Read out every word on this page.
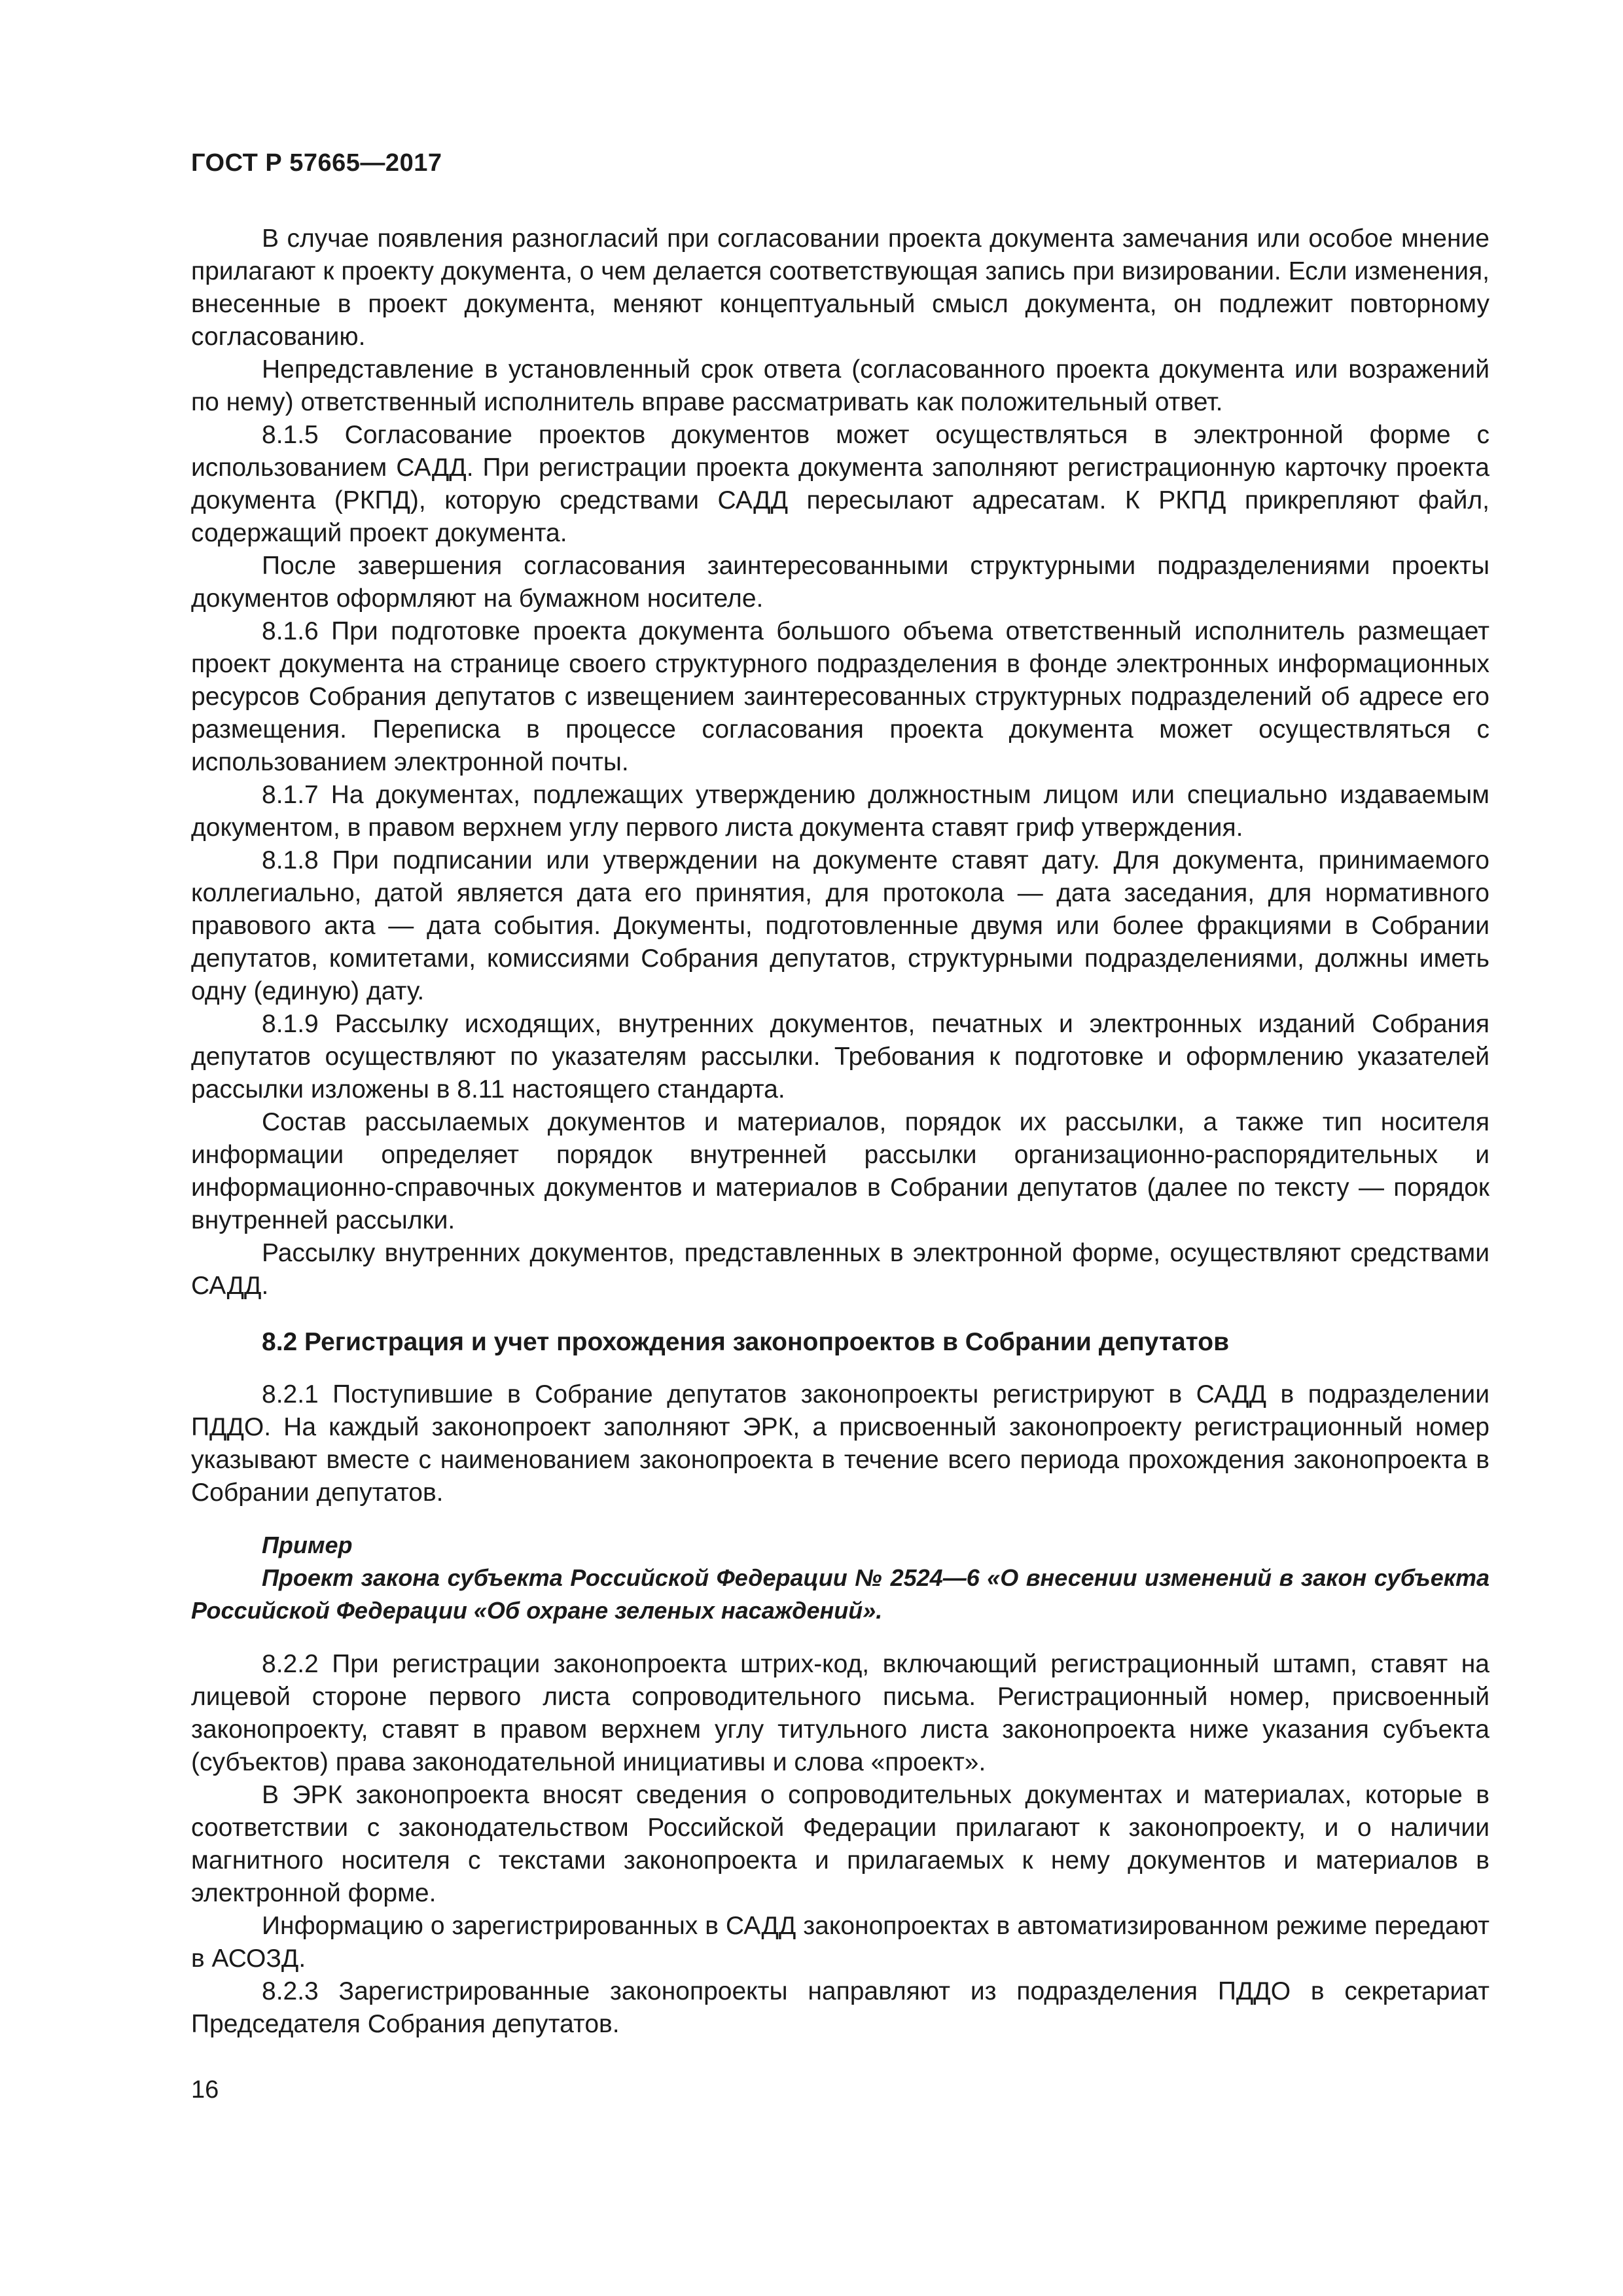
ГОСТ Р 57665—2017

В случае появления разногласий при согласовании проекта документа замечания или особое мнение прилагают к проекту документа, о чем делается соответствующая запись при визировании. Если изменения, внесенные в проект документа, меняют концептуальный смысл документа, он подлежит повторному согласованию.

Непредставление в установленный срок ответа (согласованного проекта документа или возражений по нему) ответственный исполнитель вправе рассматривать как положительный ответ.

8.1.5 Согласование проектов документов может осуществляться в электронной форме с использованием САДД. При регистрации проекта документа заполняют регистрационную карточку проекта документа (РКПД), которую средствами САДД пересылают адресатам. К РКПД прикрепляют файл, содержащий проект документа.

После завершения согласования заинтересованными структурными подразделениями проекты документов оформляют на бумажном носителе.

8.1.6 При подготовке проекта документа большого объема ответственный исполнитель размещает проект документа на странице своего структурного подразделения в фонде электронных информационных ресурсов Собрания депутатов с извещением заинтересованных структурных подразделений об адресе его размещения. Переписка в процессе согласования проекта документа может осуществляться с использованием электронной почты.

8.1.7 На документах, подлежащих утверждению должностным лицом или специально издаваемым документом, в правом верхнем углу первого листа документа ставят гриф утверждения.

8.1.8 При подписании или утверждении на документе ставят дату. Для документа, принимаемого коллегиально, датой является дата его принятия, для протокола — дата заседания, для нормативного правового акта — дата события. Документы, подготовленные двумя или более фракциями в Собрании депутатов, комитетами, комиссиями Собрания депутатов, структурными подразделениями, должны иметь одну (единую) дату.

8.1.9 Рассылку исходящих, внутренних документов, печатных и электронных изданий Собрания депутатов осуществляют по указателям рассылки. Требования к подготовке и оформлению указателей рассылки изложены в 8.11 настоящего стандарта.

Состав рассылаемых документов и материалов, порядок их рассылки, а также тип носителя информации определяет порядок внутренней рассылки организационно-распорядительных и информационно-справочных документов и материалов в Собрании депутатов (далее по тексту — порядок внутренней рассылки.

Рассылку внутренних документов, представленных в электронной форме, осуществляют средствами САДД.

8.2 Регистрация и учет прохождения законопроектов в Собрании депутатов

8.2.1 Поступившие в Собрание депутатов законопроекты регистрируют в САДД в подразделении ПДДО. На каждый законопроект заполняют ЭРК, а присвоенный законопроекту регистрационный номер указывают вместе с наименованием законопроекта в течение всего периода прохождения законопроекта в Собрании депутатов.

Пример
Проект закона субъекта Российской Федерации № 2524—6 «О внесении изменений в закон субъекта Российской Федерации «Об охране зеленых насаждений».

8.2.2 При регистрации законопроекта штрих-код, включающий регистрационный штамп, ставят на лицевой стороне первого листа сопроводительного письма. Регистрационный номер, присвоенный законопроекту, ставят в правом верхнем углу титульного листа законопроекта ниже указания субъекта (субъектов) права законодательной инициативы и слова «проект».

В ЭРК законопроекта вносят сведения о сопроводительных документах и материалах, которые в соответствии с законодательством Российской Федерации прилагают к законопроекту, и о наличии магнитного носителя с текстами законопроекта и прилагаемых к нему документов и материалов в электронной форме.

Информацию о зарегистрированных в САДД законопроектах в автоматизированном режиме передают в АСОЗД.

8.2.3 Зарегистрированные законопроекты направляют из подразделения ПДДО в секретариат Председателя Собрания депутатов.

16
